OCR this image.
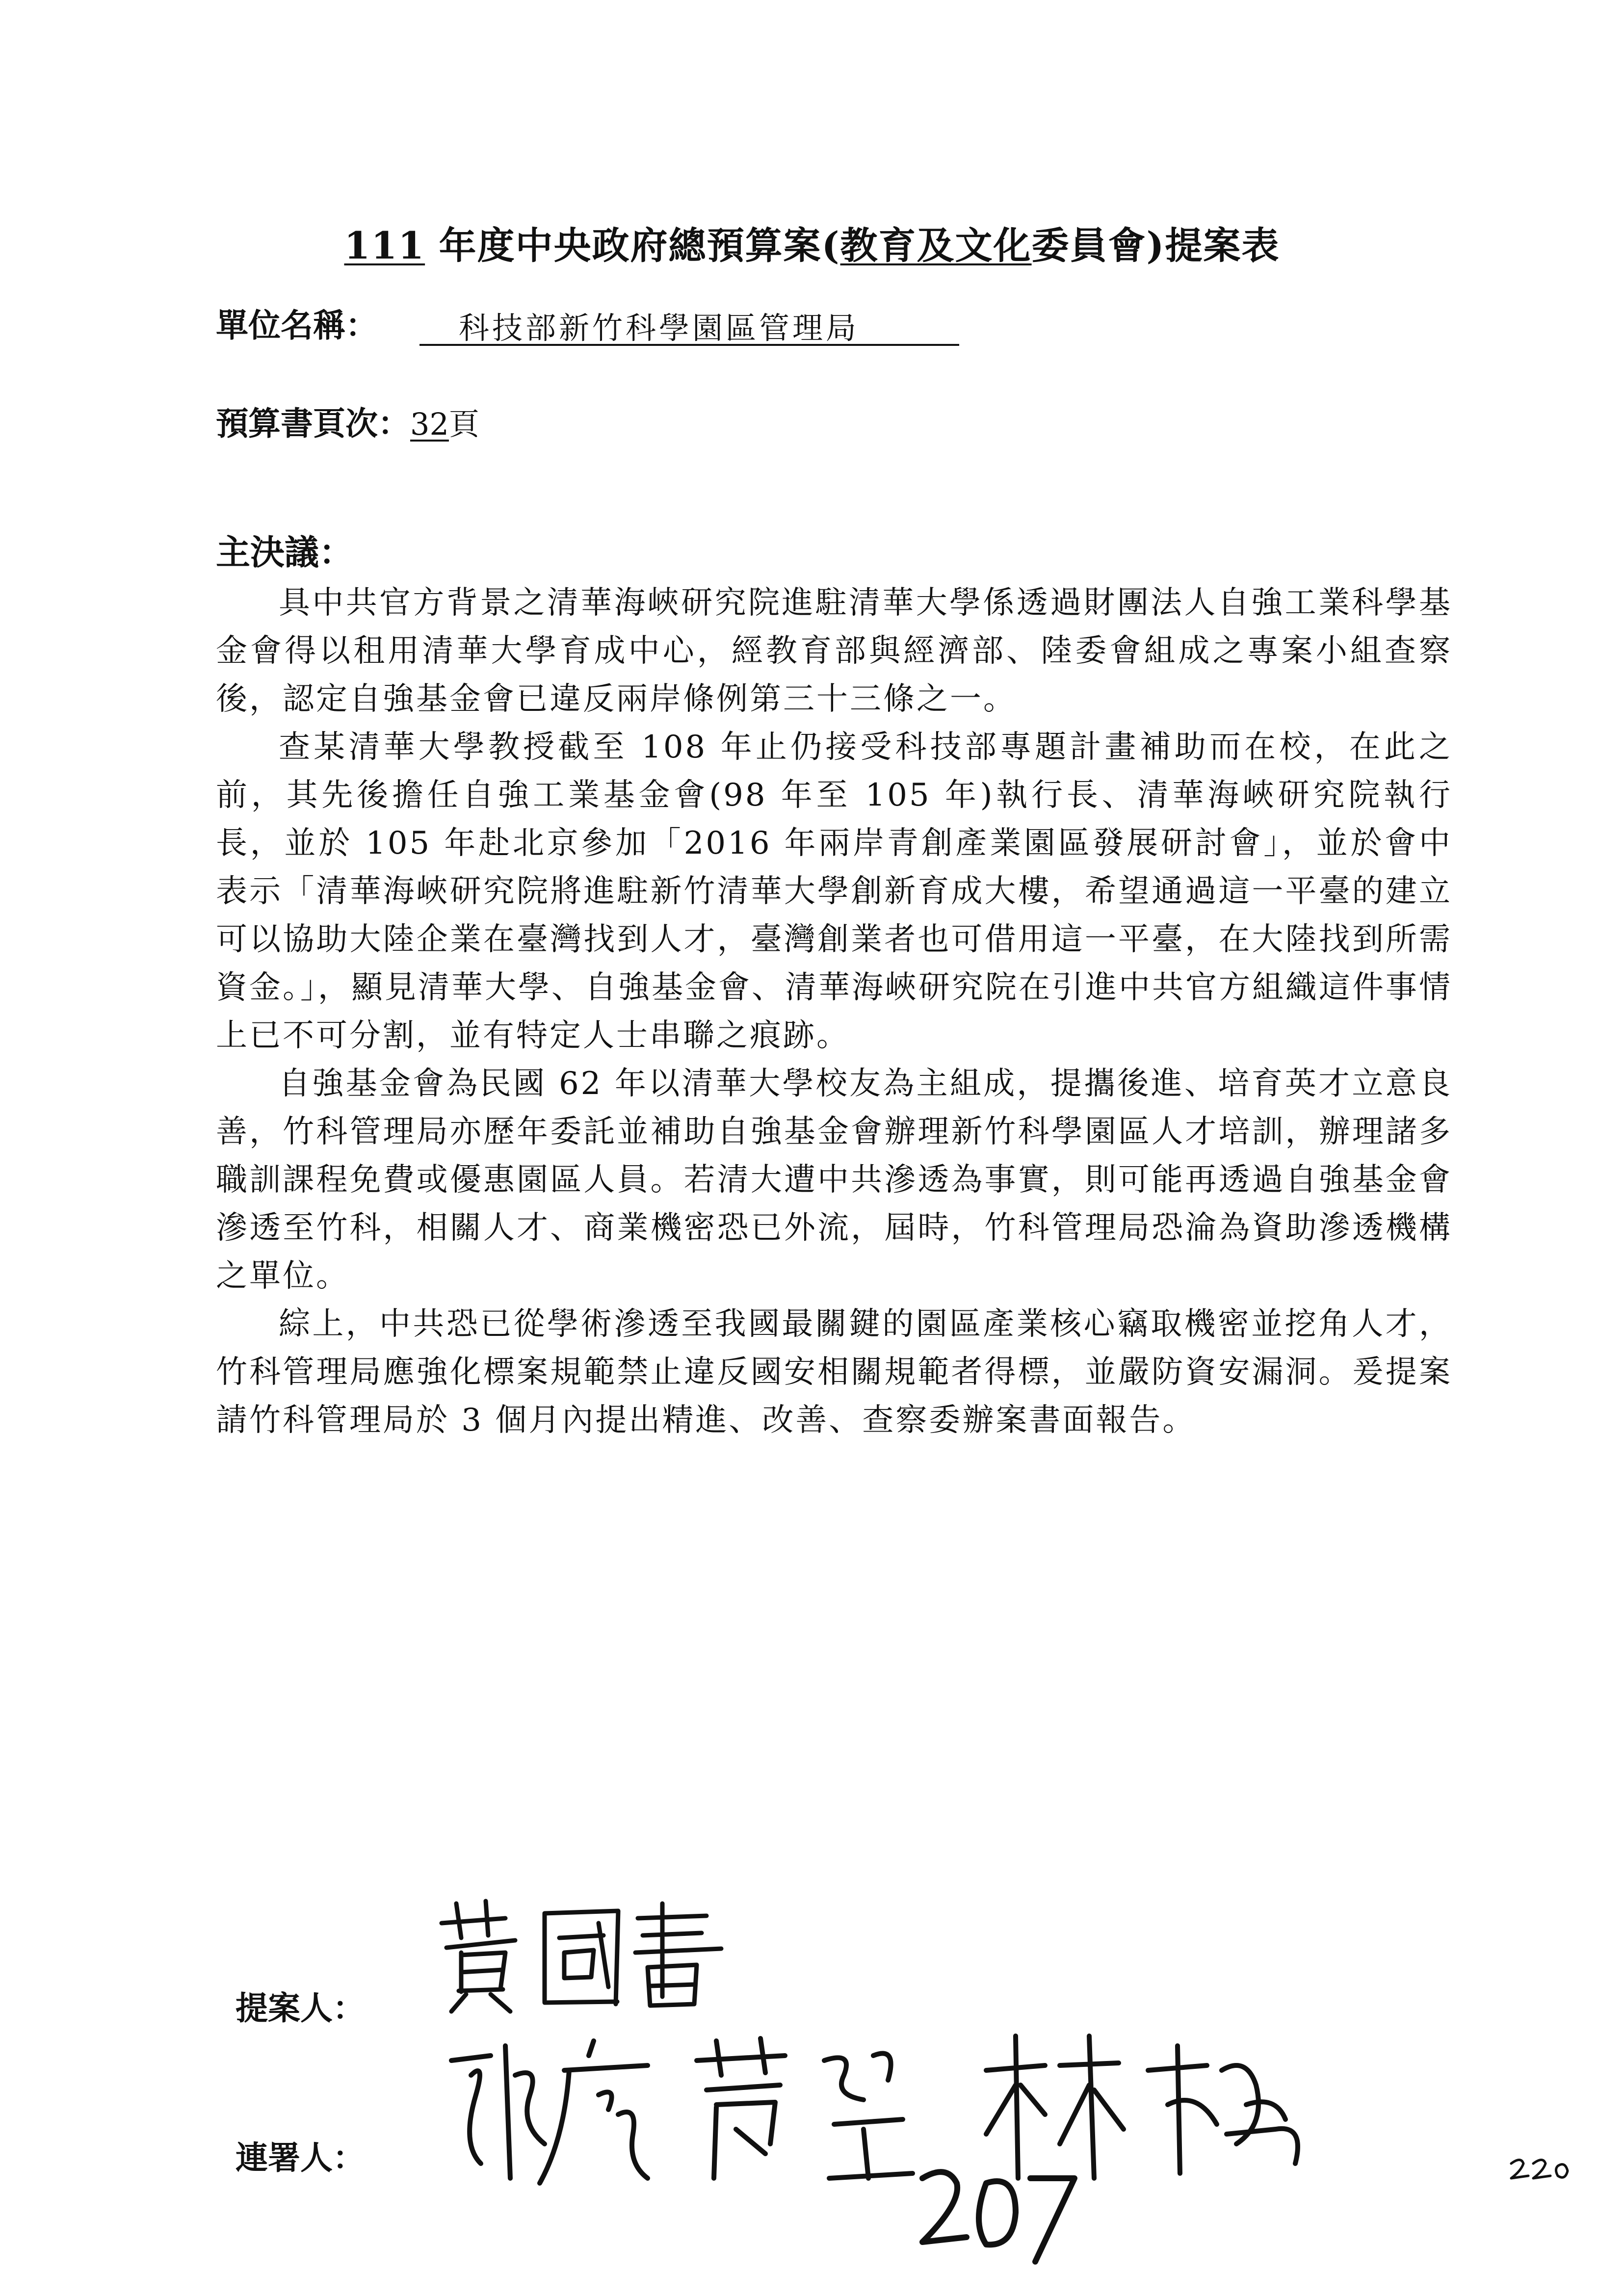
111 年度中央政府總預算案(教育及文化委員會)提案表
單位名稱：	科技部新竹科學園區管理局
預算書頁次：32頁
主決議：

具中共官方背景之清華海峽研究院進駐清華大學係透過財團法人自強工業科學基金會得以租用清華大學育成中心，經教育部與經濟部、陸委會組成之專案小組查察後，認定自強基金會已違反兩岸條例第三十三條之一。

查某清華大學教授截至 108 年止仍接受科技部專題計畫補助而在校，在此之前，其先後擔任自強工業基金會(98 年至 105 年)執行長、清華海峽研究院執行長，並於 105 年赴北京參加「2016 年兩岸青創產業園區發展研討會」，並於會中表示「清華海峽研究院將進駐新竹清華大學創新育成大樓，希望通過這一平臺的建立可以協助大陸企業在臺灣找到人才，臺灣創業者也可借用這一平臺，在大陸找到所需資金。」，顯見清華大學、自強基金會、清華海峽研究院在引進中共官方組織這件事情上已不可分割，並有特定人士串聯之痕跡。

自強基金會為民國 62 年以清華大學校友為主組成，提攜後進、培育英才立意良善，竹科管理局亦歷年委託並補助自強基金會辦理新竹科學園區人才培訓，辦理諸多職訓課程免費或優惠園區人員。若清大遭中共滲透為事實，則可能再透過自強基金會滲透至竹科，相關人才、商業機密恐已外流，屆時，竹科管理局恐淪為資助滲透機構之單位。

綜上，中共恐已從學術滲透至我國最關鍵的園區產業核心竊取機密並挖角人才，竹科管理局應強化標案規範禁止違反國安相關規範者得標，並嚴防資安漏洞。爰提案請竹科管理局於 3 個月內提出精進、改善、查察委辦案書面報告。

提案人：
連署人：
